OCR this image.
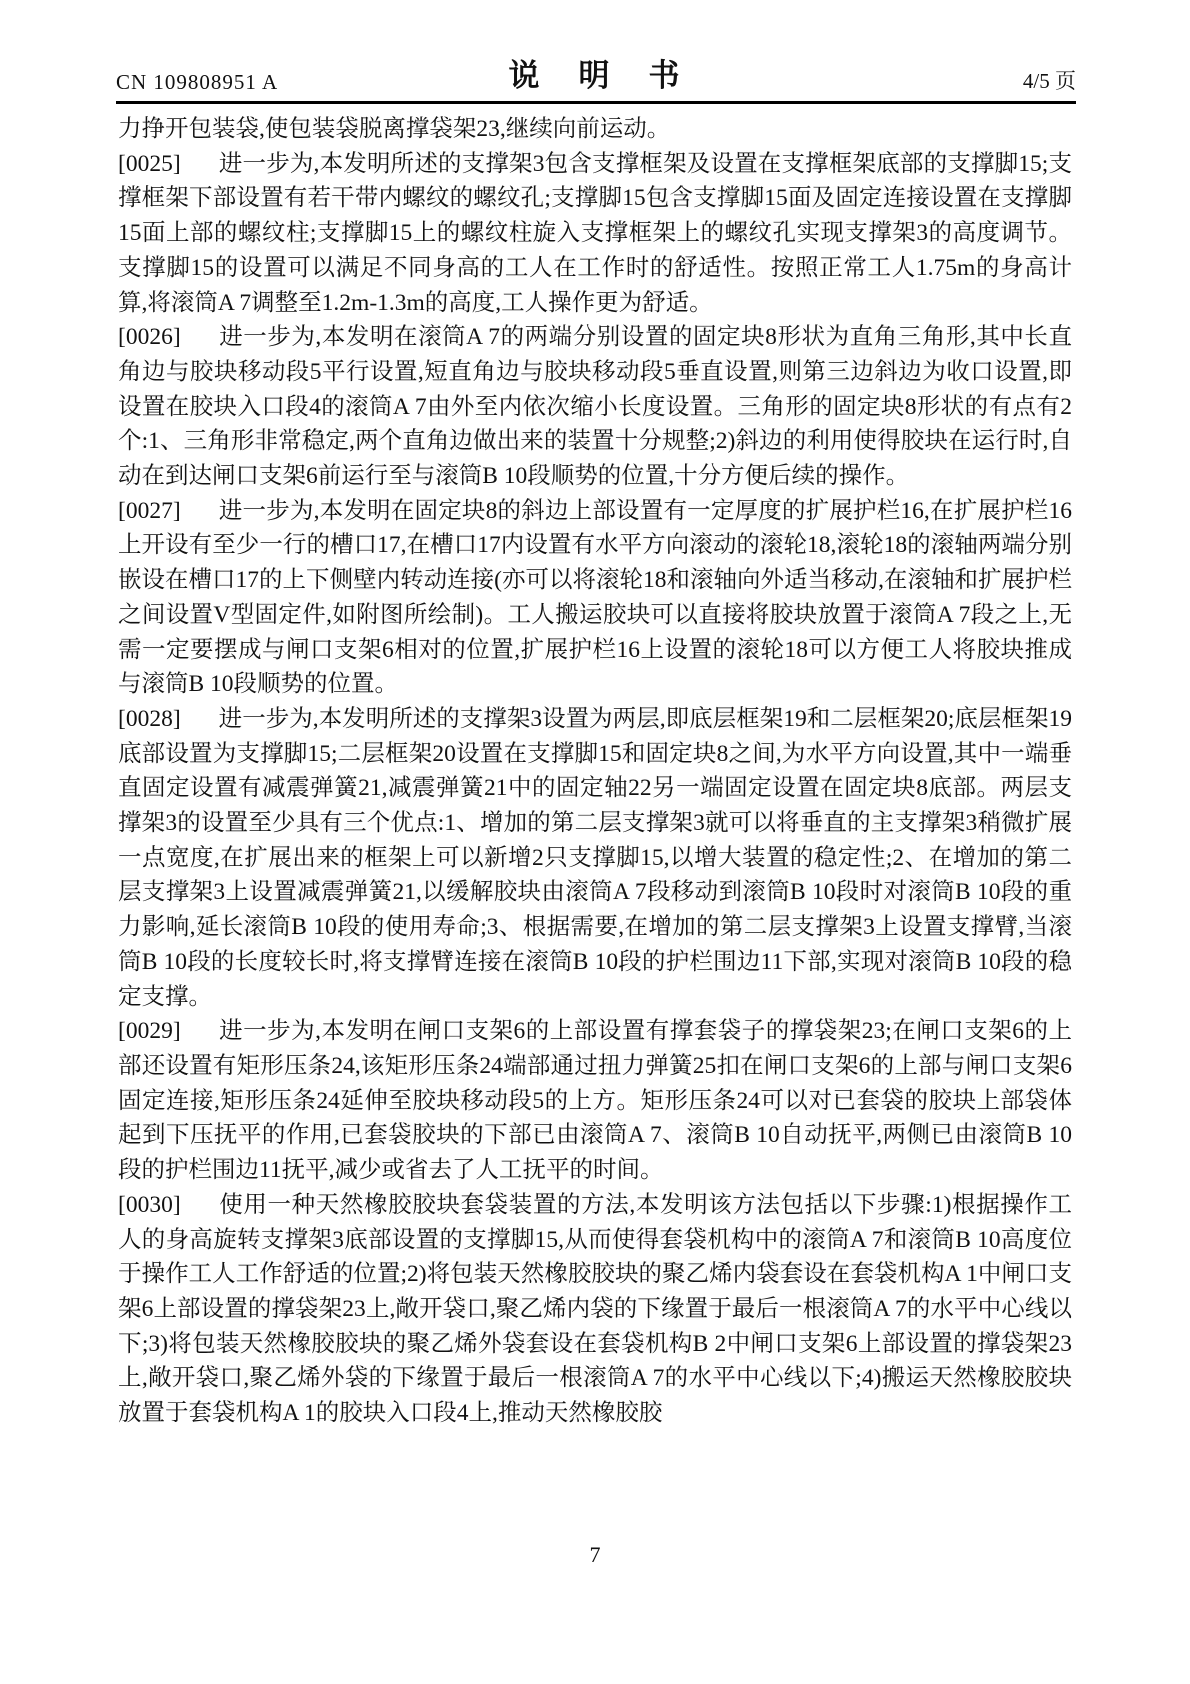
CN 109808951 A	说　明　书	4/5 页

力挣开包装袋,使包装袋脱离撑袋架23,继续向前运动。

[0025] 进一步为,本发明所述的支撑架3包含支撑框架及设置在支撑框架底部的支撑脚15;支撑框架下部设置有若干带内螺纹的螺纹孔;支撑脚15包含支撑脚15面及固定连接设置在支撑脚15面上部的螺纹柱;支撑脚15上的螺纹柱旋入支撑框架上的螺纹孔实现支撑架3的高度调节。支撑脚15的设置可以满足不同身高的工人在工作时的舒适性。按照正常工人1.75m的身高计算,将滚筒A 7调整至1.2m-1.3m的高度,工人操作更为舒适。

[0026] 进一步为,本发明在滚筒A 7的两端分别设置的固定块8形状为直角三角形,其中长直角边与胶块移动段5平行设置,短直角边与胶块移动段5垂直设置,则第三边斜边为收口设置,即设置在胶块入口段4的滚筒A 7由外至内依次缩小长度设置。三角形的固定块8形状的有点有2个:1、三角形非常稳定,两个直角边做出来的装置十分规整;2)斜边的利用使得胶块在运行时,自动在到达闸口支架6前运行至与滚筒B 10段顺势的位置,十分方便后续的操作。

[0027] 进一步为,本发明在固定块8的斜边上部设置有一定厚度的扩展护栏16,在扩展护栏16上开设有至少一行的槽口17,在槽口17内设置有水平方向滚动的滚轮18,滚轮18的滚轴两端分别嵌设在槽口17的上下侧壁内转动连接(亦可以将滚轮18和滚轴向外适当移动,在滚轴和扩展护栏之间设置V型固定件,如附图所绘制)。工人搬运胶块可以直接将胶块放置于滚筒A 7段之上,无需一定要摆成与闸口支架6相对的位置,扩展护栏16上设置的滚轮18可以方便工人将胶块推成与滚筒B 10段顺势的位置。

[0028] 进一步为,本发明所述的支撑架3设置为两层,即底层框架19和二层框架20;底层框架19底部设置为支撑脚15;二层框架20设置在支撑脚15和固定块8之间,为水平方向设置,其中一端垂直固定设置有减震弹簧21,减震弹簧21中的固定轴22另一端固定设置在固定块8底部。两层支撑架3的设置至少具有三个优点:1、增加的第二层支撑架3就可以将垂直的主支撑架3稍微扩展一点宽度,在扩展出来的框架上可以新增2只支撑脚15,以增大装置的稳定性;2、在增加的第二层支撑架3上设置减震弹簧21,以缓解胶块由滚筒A 7段移动到滚筒B 10段时对滚筒B 10段的重力影响,延长滚筒B 10段的使用寿命;3、根据需要,在增加的第二层支撑架3上设置支撑臂,当滚筒B 10段的长度较长时,将支撑臂连接在滚筒B 10段的护栏围边11下部,实现对滚筒B 10段的稳定支撑。

[0029] 进一步为,本发明在闸口支架6的上部设置有撑套袋子的撑袋架23;在闸口支架6的上部还设置有矩形压条24,该矩形压条24端部通过扭力弹簧25扣在闸口支架6的上部与闸口支架6固定连接,矩形压条24延伸至胶块移动段5的上方。矩形压条24可以对已套袋的胶块上部袋体起到下压抚平的作用,已套袋胶块的下部已由滚筒A 7、滚筒B 10自动抚平,两侧已由滚筒B 10段的护栏围边11抚平,减少或省去了人工抚平的时间。

[0030] 使用一种天然橡胶胶块套袋装置的方法,本发明该方法包括以下步骤:1)根据操作工人的身高旋转支撑架3底部设置的支撑脚15,从而使得套袋机构中的滚筒A 7和滚筒B 10高度位于操作工人工作舒适的位置;2)将包装天然橡胶胶块的聚乙烯内袋套设在套袋机构A 1中闸口支架6上部设置的撑袋架23上,敞开袋口,聚乙烯内袋的下缘置于最后一根滚筒A 7的水平中心线以下;3)将包装天然橡胶胶块的聚乙烯外袋套设在套袋机构B 2中闸口支架6上部设置的撑袋架23上,敞开袋口,聚乙烯外袋的下缘置于最后一根滚筒A 7的水平中心线以下;4)搬运天然橡胶胶块放置于套袋机构A 1的胶块入口段4上,推动天然橡胶胶

7
